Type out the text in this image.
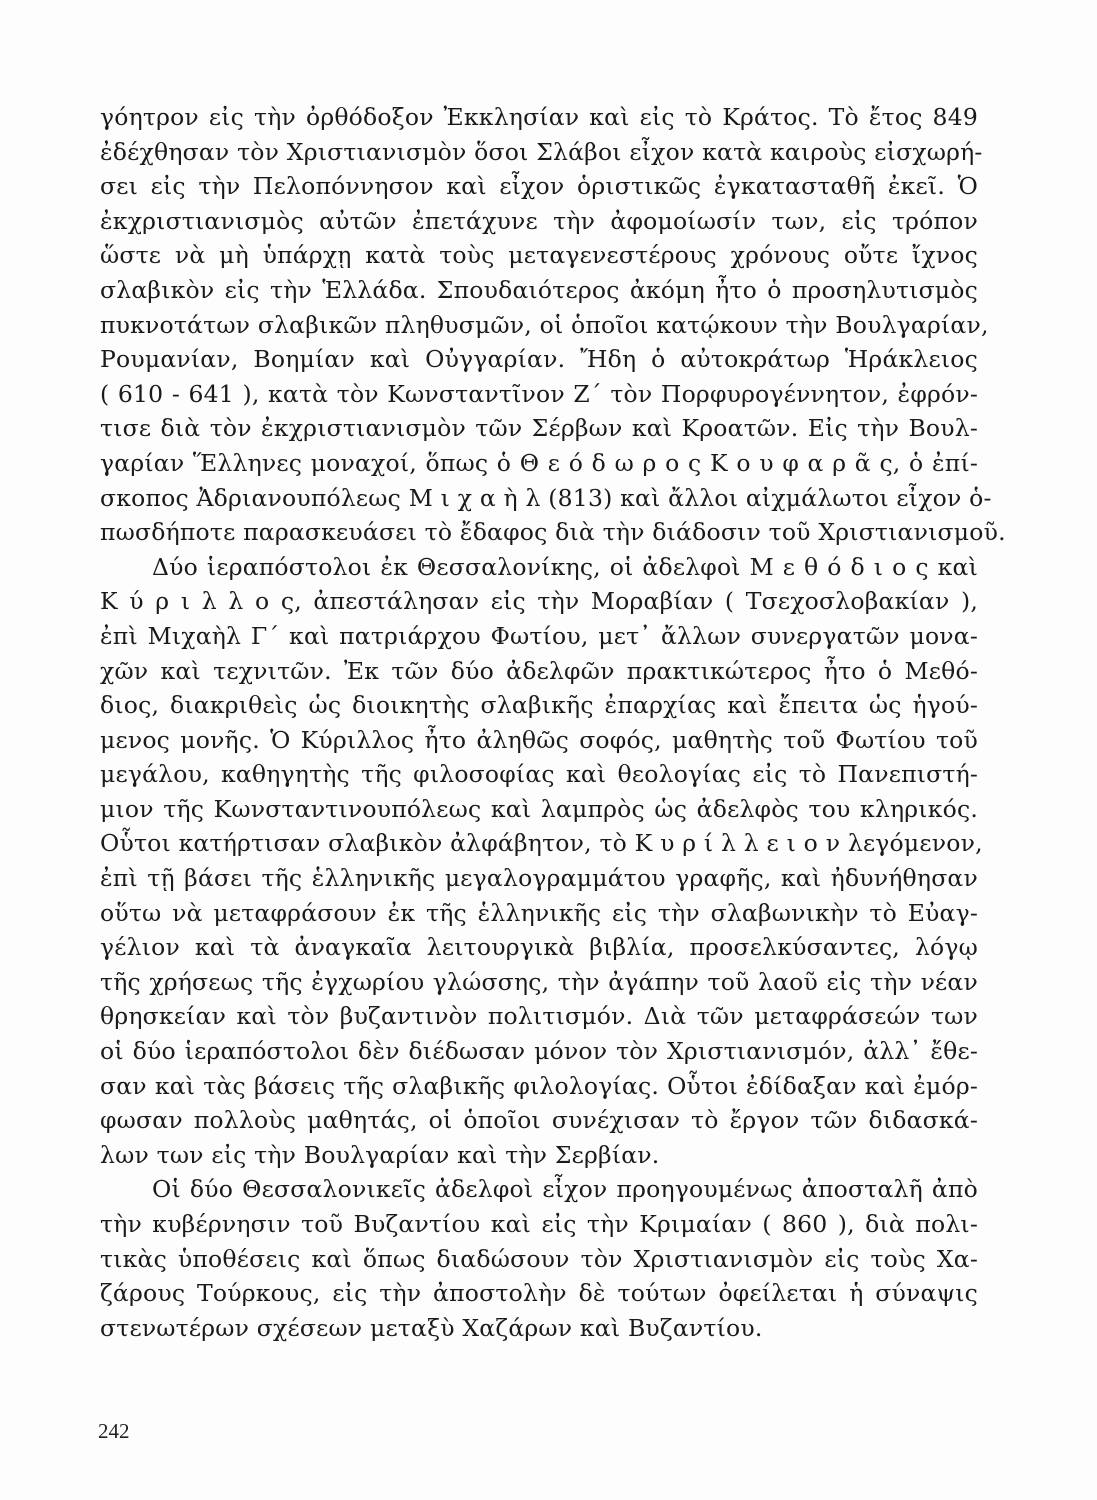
γόητρον εἰς τὴν ὀρθόδοξον Ἐκκλησίαν καὶ εἰς τὸ Κράτος. Τὸ ἔτος 849
ἐδέχθησαν τὸν Χριστιανισμὸν ὅσοι Σλάβοι εἶχον κατὰ καιροὺς εἰσχωρή-
σει εἰς τὴν Πελοπόννησον καὶ εἶχον ὁριστικῶς ἐγκατασταθῆ ἐκεῖ. Ὁ
ἐκχριστιανισμὸς αὐτῶν ἐπετάχυνε τὴν ἀφομοίωσίν των, εἰς τρόπον
ὥστε νὰ μὴ ὑπάρχῃ κατὰ τοὺς μεταγενεστέρους χρόνους οὔτε ἴχνος
σλαβικὸν εἰς τὴν Ἑλλάδα. Σπουδαιότερος ἀκόμη ἦτο ὁ προσηλυτισμὸς
πυκνοτάτων σλαβικῶν πληθυσμῶν, οἱ ὁποῖοι κατῴκουν τὴν Βουλγαρίαν,
Ρουμανίαν, Βοημίαν καὶ Οὐγγαρίαν. Ἤδη ὁ αὐτοκράτωρ Ἡράκλειος
( 610 - 641 ), κατὰ τὸν Κωνσταντῖνον Ζ΄ τὸν Πορφυρογέννητον, ἐφρόν-
τισε διὰ τὸν ἐκχριστιανισμὸν τῶν Σέρβων καὶ Κροατῶν. Εἰς τὴν Βουλ-
γαρίαν Ἕλληνες μοναχοί, ὅπως ὁ Θ ε ό δ ω ρ ο ς Κ ο υ φ α ρ ᾶ ς, ὁ ἐπί-
σκοπος Ἀδριανουπόλεως Μ ι χ α ὴ λ (813) καὶ ἄλλοι αἰχμάλωτοι εἶχον ὁ-
πωσδήποτε παρασκευάσει τὸ ἔδαφος διὰ τὴν διάδοσιν τοῦ Χριστιανισμοῦ.
Δύο ἱεραπόστολοι ἐκ Θεσσαλονίκης, οἱ ἀδελφοὶ Μ ε θ ό δ ι ο ς καὶ
Κ ύ ρ ι λ λ ο ς, ἀπεστάλησαν εἰς τὴν Μοραβίαν ( Τσεχοσλοβακίαν ),
ἐπὶ Μιχαὴλ Γ΄ καὶ πατριάρχου Φωτίου, μετ᾽ ἄλλων συνεργατῶν μονα-
χῶν καὶ τεχνιτῶν. Ἐκ τῶν δύο ἀδελφῶν πρακτικώτερος ἦτο ὁ Μεθό-
διος, διακριθεὶς ὡς διοικητὴς σλαβικῆς ἐπαρχίας καὶ ἔπειτα ὡς ἡγού-
μενος μονῆς. Ὁ Κύριλλος ἦτο ἀληθῶς σοφός, μαθητὴς τοῦ Φωτίου τοῦ
μεγάλου, καθηγητὴς τῆς φιλοσοφίας καὶ θεολογίας εἰς τὸ Πανεπιστή-
μιον τῆς Κωνσταντινουπόλεως καὶ λαμπρὸς ὡς ἀδελφὸς του κληρικός.
Οὗτοι κατήρτισαν σλαβικὸν ἀλφάβητον, τὸ Κ υ ρ ί λ λ ε ι ο ν λεγόμενον,
ἐπὶ τῇ βάσει τῆς ἑλληνικῆς μεγαλογραμμάτου γραφῆς, καὶ ἠδυνήθησαν
οὕτω νὰ μεταφράσουν ἐκ τῆς ἑλληνικῆς εἰς τὴν σλαβωνικὴν τὸ Εὐαγ-
γέλιον καὶ τὰ ἀναγκαῖα λειτουργικὰ βιβλία, προσελκύσαντες, λόγῳ
τῆς χρήσεως τῆς ἐγχωρίου γλώσσης, τὴν ἀγάπην τοῦ λαοῦ εἰς τὴν νέαν
θρησκείαν καὶ τὸν βυζαντινὸν πολιτισμόν. Διὰ τῶν μεταφράσεών των
οἱ δύο ἱεραπόστολοι δὲν διέδωσαν μόνον τὸν Χριστιανισμόν, ἀλλ᾽ ἔθε-
σαν καὶ τὰς βάσεις τῆς σλαβικῆς φιλολογίας. Οὗτοι ἐδίδαξαν καὶ ἐμόρ-
φωσαν πολλοὺς μαθητάς, οἱ ὁποῖοι συνέχισαν τὸ ἔργον τῶν διδασκά-
λων των εἰς τὴν Βουλγαρίαν καὶ τὴν Σερβίαν.
Οἱ δύο Θεσσαλονικεῖς ἀδελφοὶ εἶχον προηγουμένως ἀποσταλῆ ἀπὸ
τὴν κυβέρνησιν τοῦ Βυζαντίου καὶ εἰς τὴν Κριμαίαν ( 860 ), διὰ πολι-
τικὰς ὑποθέσεις καὶ ὅπως διαδώσουν τὸν Χριστιανισμὸν εἰς τοὺς Χα-
ζάρους Τούρκους, εἰς τὴν ἀποστολὴν δὲ τούτων ὀφείλεται ἡ σύναψις
στενωτέρων σχέσεων μεταξὺ Χαζάρων καὶ Βυζαντίου.
242
